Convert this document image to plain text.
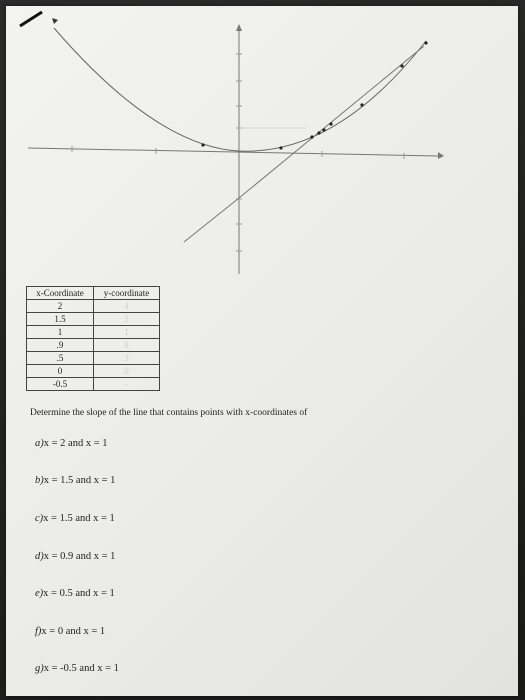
x-Coordinate	y-coordinate
2	4
1.5	2
1	1
.9	8
.5	3
0	0
-0.5	-
Determine the slope of the line that contains points with x-coordinates of
a)x = 2 and x = 1
b)x = 1.5 and x = 1
c)x = 1.5 and x = 1
d)x = 0.9 and x = 1
e)x = 0.5 and x = 1
f)x = 0 and x = 1
g)x = -0.5 and x = 1
